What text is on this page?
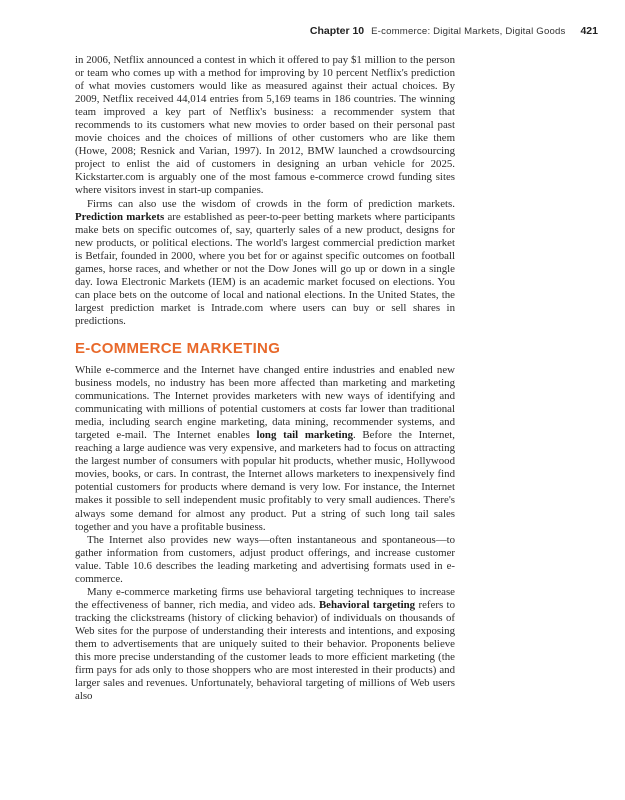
Chapter 10 E-commerce: Digital Markets, Digital Goods 421

in 2006, Netflix announced a contest in which it offered to pay $1 million to the person or team who comes up with a method for improving by 10 percent Netflix's prediction of what movies customers would like as measured against their actual choices. By 2009, Netflix received 44,014 entries from 5,169 teams in 186 countries. The winning team improved a key part of Netflix's business: a recommender system that recommends to its customers what new movies to order based on their personal past movie choices and the choices of millions of other customers who are like them (Howe, 2008; Resnick and Varian, 1997). In 2012, BMW launched a crowdsourcing project to enlist the aid of customers in designing an urban vehicle for 2025. Kickstarter.com is arguably one of the most famous e-commerce crowd funding sites where visitors invest in start-up companies.

Firms can also use the wisdom of crowds in the form of prediction markets. Prediction markets are established as peer-to-peer betting markets where participants make bets on specific outcomes of, say, quarterly sales of a new product, designs for new products, or political elections. The world's largest commercial prediction market is Betfair, founded in 2000, where you bet for or against specific outcomes on football games, horse races, and whether or not the Dow Jones will go up or down in a single day. Iowa Electronic Markets (IEM) is an academic market focused on elections. You can place bets on the outcome of local and national elections. In the United States, the largest prediction market is Intrade.com where users can buy or sell shares in predictions.

E-COMMERCE MARKETING

While e-commerce and the Internet have changed entire industries and enabled new business models, no industry has been more affected than marketing and marketing communications. The Internet provides marketers with new ways of identifying and communicating with millions of potential customers at costs far lower than traditional media, including search engine marketing, data mining, recommender systems, and targeted e-mail. The Internet enables long tail marketing. Before the Internet, reaching a large audience was very expensive, and marketers had to focus on attracting the largest number of consumers with popular hit products, whether music, Hollywood movies, books, or cars. In contrast, the Internet allows marketers to inexpensively find potential customers for products where demand is very low. For instance, the Internet makes it possible to sell independent music profitably to very small audiences. There's always some demand for almost any product. Put a string of such long tail sales together and you have a profitable business.

The Internet also provides new ways—often instantaneous and spontaneous—to gather information from customers, adjust product offerings, and increase customer value. Table 10.6 describes the leading marketing and advertising formats used in e-commerce.

Many e-commerce marketing firms use behavioral targeting techniques to increase the effectiveness of banner, rich media, and video ads. Behavioral targeting refers to tracking the clickstreams (history of clicking behavior) of individuals on thousands of Web sites for the purpose of understanding their interests and intentions, and exposing them to advertisements that are uniquely suited to their behavior. Proponents believe this more precise understanding of the customer leads to more efficient marketing (the firm pays for ads only to those shoppers who are most interested in their products) and larger sales and revenues. Unfortunately, behavioral targeting of millions of Web users also
